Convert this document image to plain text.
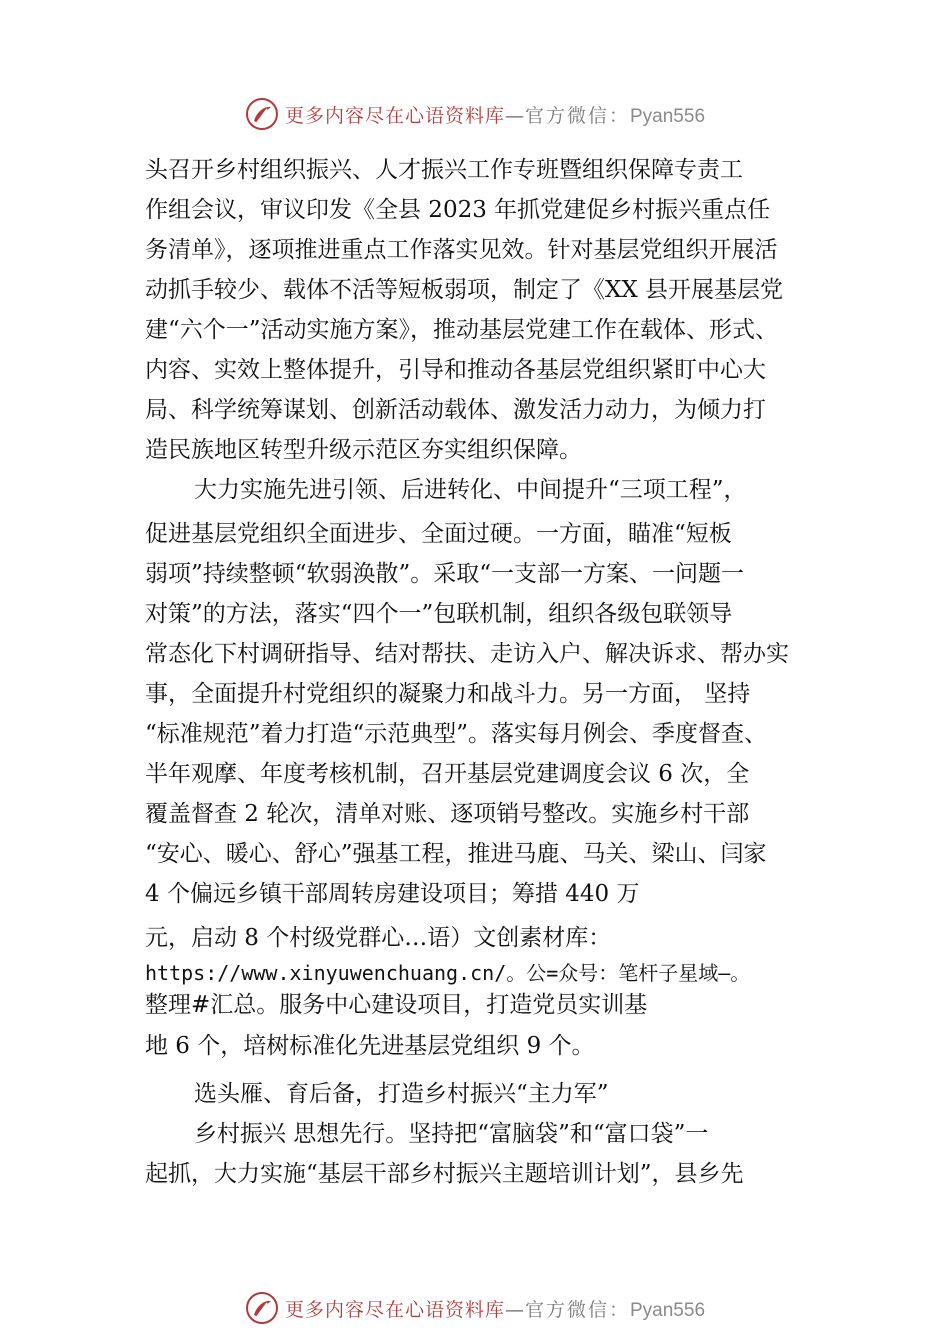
更多内容尽在心语资料库—官方微信：Pyan556
头召开乡村组织振兴、人才振兴工作专班暨组织保障专责工
作组会议，审议印发《全县 2023 年抓党建促乡村振兴重点任
务清单》，逐项推进重点工作落实见效。针对基层党组织开展活
动抓手较少、载体不活等短板弱项，制定了《XX 县开展基层党
建“六个一”活动实施方案》，推动基层党建工作在载体、形式、
内容、实效上整体提升，引导和推动各基层党组织紧盯中心大
局、科学统筹谋划、创新活动载体、激发活力动力，为倾力打
造民族地区转型升级示范区夯实组织保障。
大力实施先进引领、后进转化、中间提升“三项工程”，
促进基层党组织全面进步、全面过硬。一方面，瞄准“短板
弱项”持续整顿“软弱涣散”。采取“一支部一方案、一问题一
对策”的方法，落实“四个一”包联机制，组织各级包联领导
常态化下村调研指导、结对帮扶、走访入户、解决诉求、帮办实
事，全面提升村党组织的凝聚力和战斗力。另一方面， 坚持
“标准规范”着力打造“示范典型”。落实每月例会、季度督查、
半年观摩、年度考核机制，召开基层党建调度会议 6 次，全
覆盖督查 2 轮次，清单对账、逐项销号整改。实施乡村干部
“安心、暖心、舒心”强基工程，推进马鹿、马关、梁山、闫家
4 个偏远乡镇干部周转房建设项目；筹措 440 万
元，启动 8 个村级党群心…语）文创素材库：
https://www.xinyuwenchuang.cn/。公=众号：笔杆子星域—。
整理#汇总。服务中心建设项目，打造党员实训基
地 6 个，培树标准化先进基层党组织 9 个。
选头雁、育后备，打造乡村振兴“主力军”
乡村振兴 思想先行。坚持把“富脑袋”和“富口袋”一
起抓，大力实施“基层干部乡村振兴主题培训计划”，县乡先
更多内容尽在心语资料库—官方微信：Pyan556
